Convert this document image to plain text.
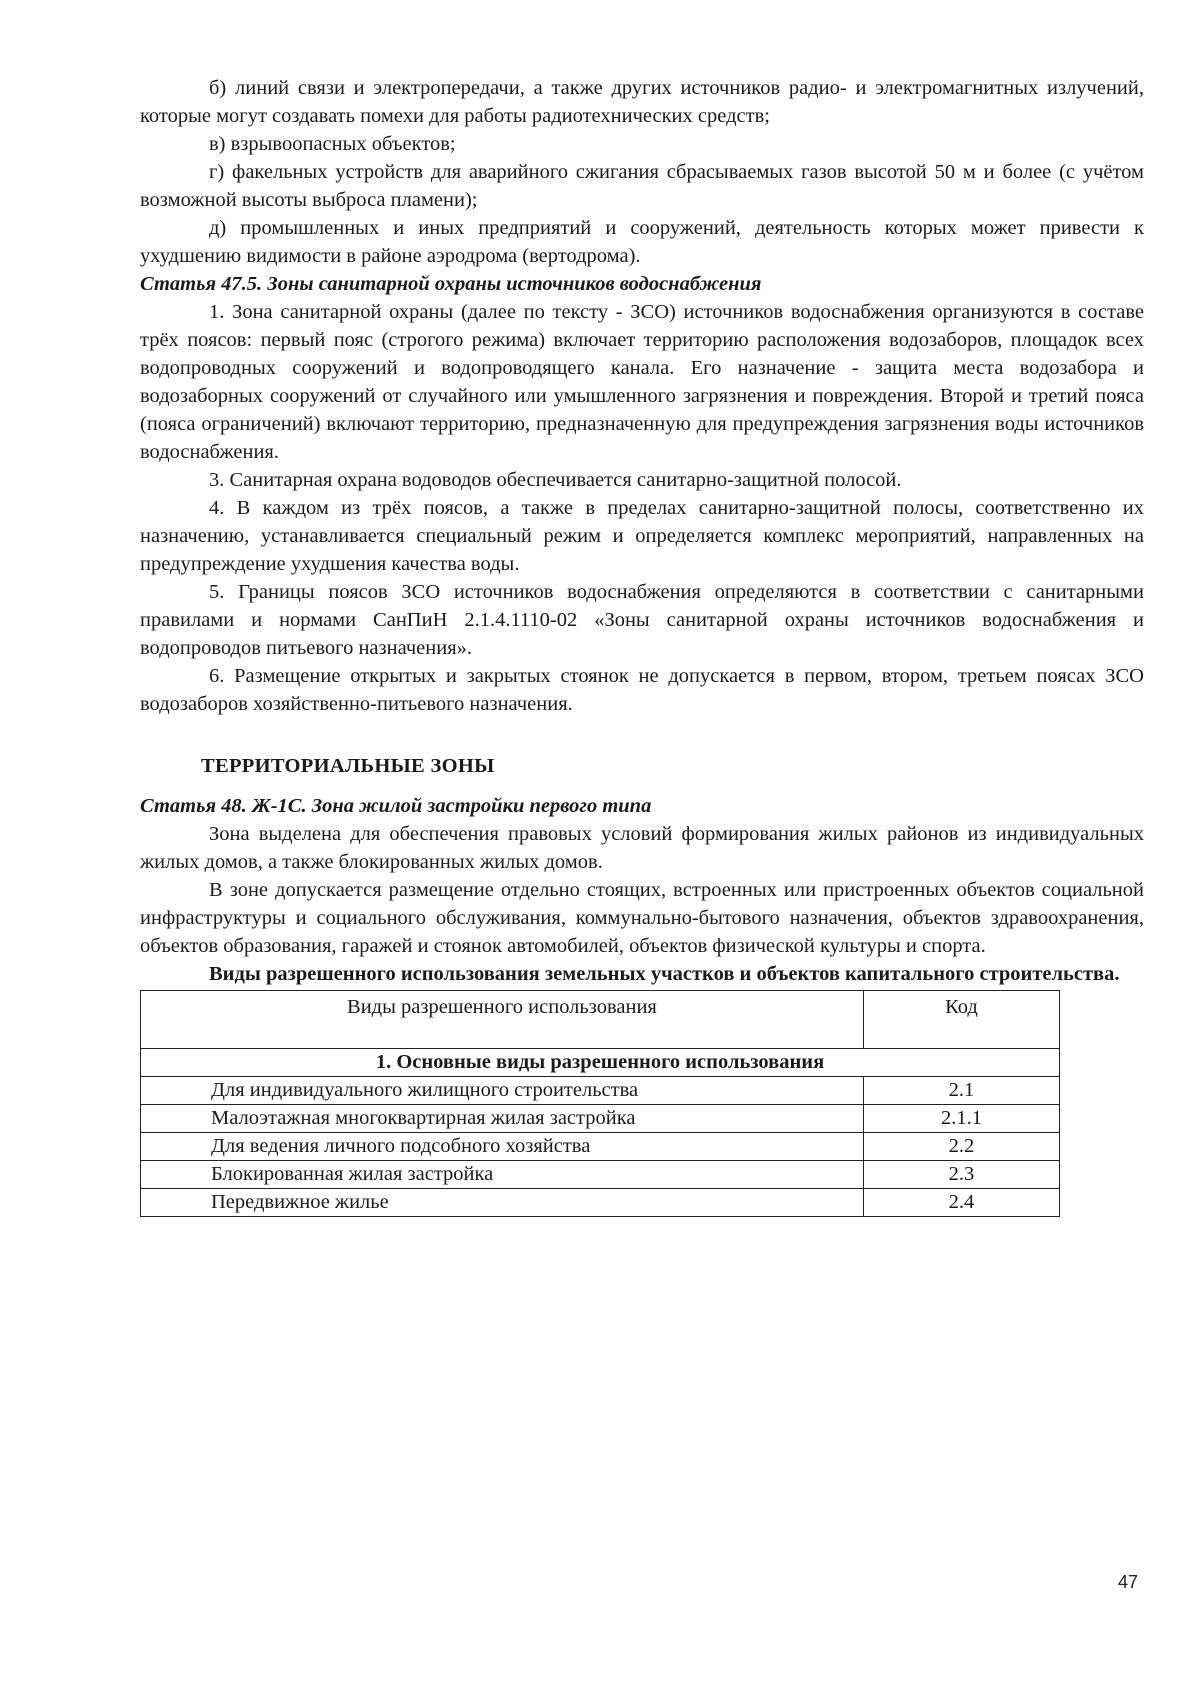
б) линий связи и электропередачи, а также других источников радио- и электромагнитных излучений, которые могут создавать помехи для работы радиотехнических средств;

в) взрывоопасных объектов;

г) факельных устройств для аварийного сжигания сбрасываемых газов высотой 50 м и более (с учётом возможной высоты выброса пламени);

д) промышленных и иных предприятий и сооружений, деятельность которых может привести к ухудшению видимости в районе аэродрома (вертодрома).

Статья 47.5. Зоны санитарной охраны источников водоснабжения

1. Зона санитарной охраны (далее по тексту - ЗСО) источников водоснабжения организуются в составе трёх поясов: первый пояс (строгого режима) включает территорию расположения водозаборов, площадок всех водопроводных сооружений и водопроводящего канала. Его назначение - защита места водозабора и водозаборных сооружений от случайного или умышленного загрязнения и повреждения. Второй и третий пояса (пояса ограничений) включают территорию, предназначенную для предупреждения загрязнения воды источников водоснабжения.

3. Санитарная охрана водоводов обеспечивается санитарно-защитной полосой.

4. В каждом из трёх поясов, а также в пределах санитарно-защитной полосы, соответственно их назначению, устанавливается специальный режим и определяется комплекс мероприятий, направленных на предупреждение ухудшения качества воды.

5. Границы поясов ЗСО источников водоснабжения определяются в соответствии с санитарными правилами и нормами СанПиН 2.1.4.1110-02 «Зоны санитарной охраны источников водоснабжения и водопроводов питьевого назначения».

6. Размещение открытых и закрытых стоянок не допускается в первом, втором, третьем поясах ЗСО водозаборов хозяйственно-питьевого назначения.

ТЕРРИТОРИАЛЬНЫЕ ЗОНЫ

Статья 48. Ж-1С. Зона жилой застройки первого типа

Зона выделена для обеспечения правовых условий формирования жилых районов из индивидуальных жилых домов, а также блокированных жилых домов.

В зоне допускается размещение отдельно стоящих, встроенных или пристроенных объектов социальной инфраструктуры и социального обслуживания, коммунально-бытового назначения, объектов здравоохранения, объектов образования, гаражей и стоянок автомобилей, объектов физической культуры и спорта.

Виды разрешенного использования земельных участков и объектов капитального строительства.

Виды разрешенного использования	Код
1. Основные виды разрешенного использования	
Для индивидуального жилищного строительства	2.1
Малоэтажная многоквартирная жилая застройка	2.1.1
Для ведения личного подсобного хозяйства	2.2
Блокированная жилая застройка	2.3
Передвижное жилье	2.4
47
